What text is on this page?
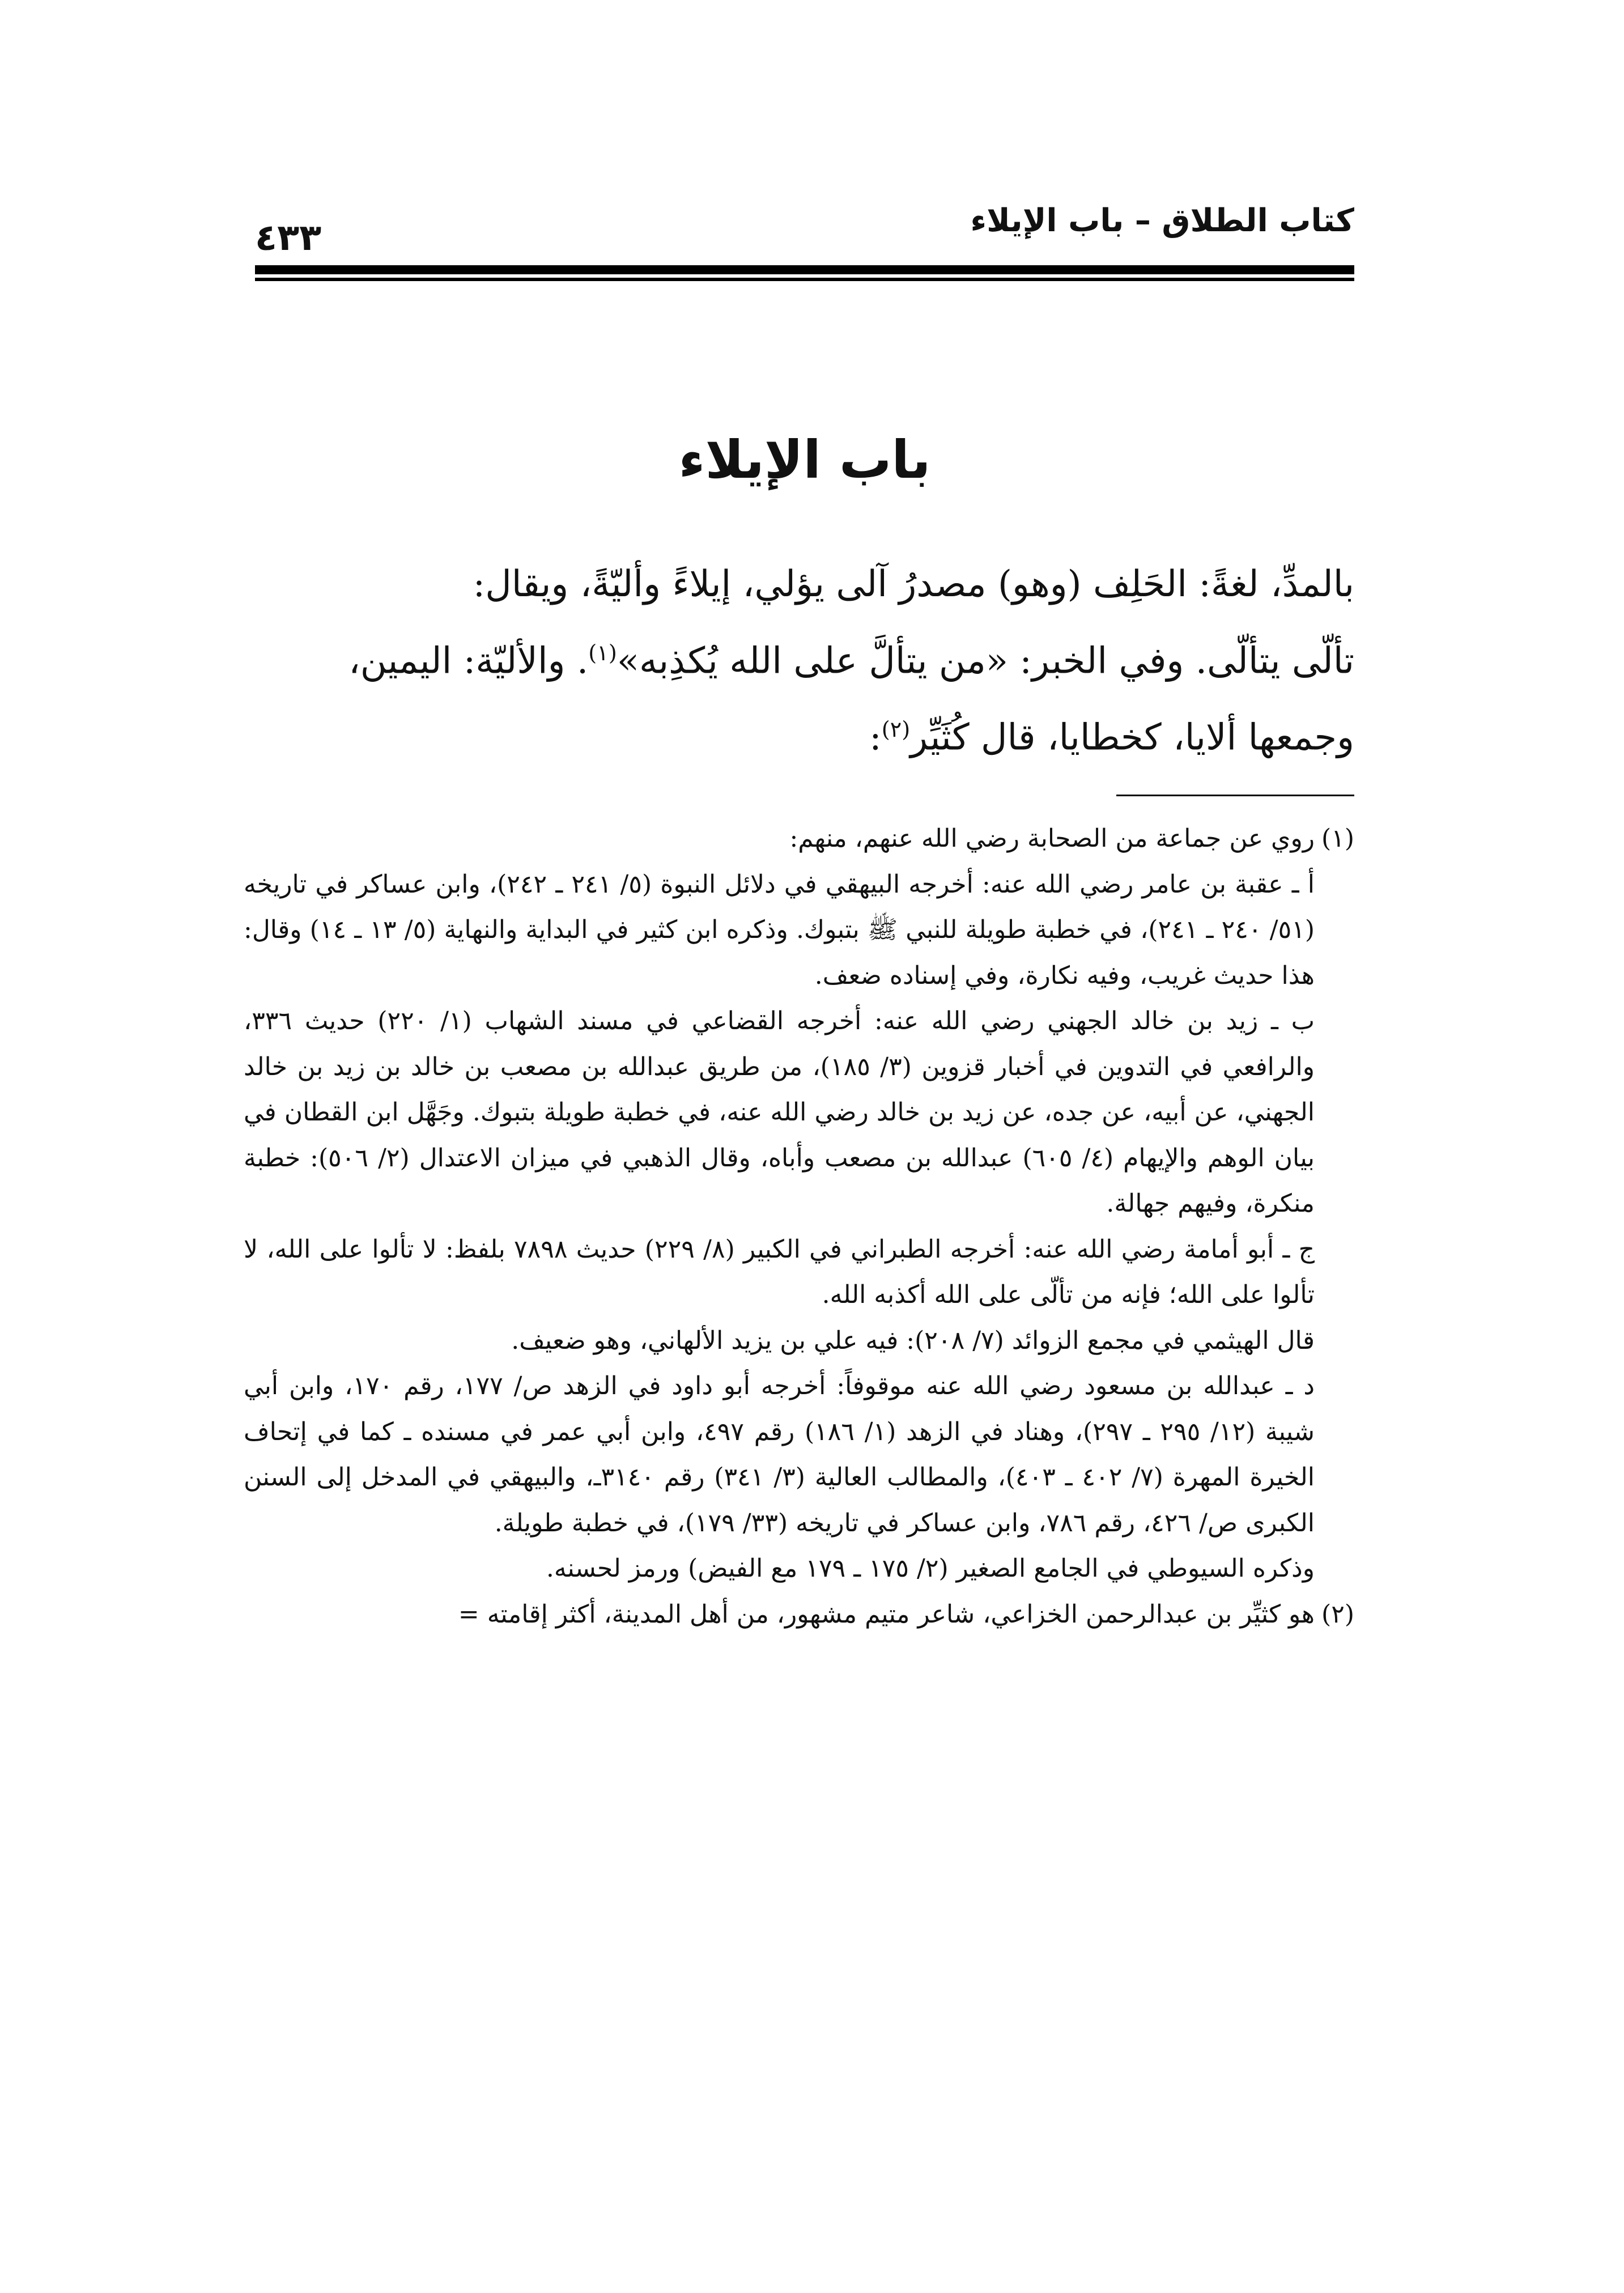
كتاب الطلاق – باب الإيلاء
٤٣٣
باب الإيلاء

بالمدِّ، لغةً: الحَلِف (وهو) مصدرُ آلى يؤلي، إيلاءً وأليّةً، ويقال:

تألّى يتألّى. وفي الخبر: «من يتألَّ على الله يُكذِبه»$^{(١)}$. والأليّة: اليمين،

وجمعها ألايا، كخطايا، قال كُثَيِّر$^{(٢)}$:

(١)روي عن جماعة من الصحابة رضي الله عنهم، منهم:

أ ـ عقبة بن عامر رضي الله عنه: أخرجه البيهقي في دلائل النبوة (٥/ ٢٤١ ـ ٢٤٢)، وابن عساكر في تاريخه (٥١/ ٢٤٠ ـ ٢٤١)، في خطبة طويلة للنبي ﷺ بتبوك. وذكره ابن كثير في البداية والنهاية (٥/ ١٣ ـ ١٤) وقال: هذا حديث غريب، وفيه نكارة، وفي إسناده ضعف.

ب ـ زيد بن خالد الجهني رضي الله عنه: أخرجه القضاعي في مسند الشهاب (١/ ٢٢٠) حديث ٣٣٦، والرافعي في التدوين في أخبار قزوين (٣/ ١٨٥)، من طريق عبدالله بن مصعب بن خالد بن زيد بن خالد الجهني، عن أبيه، عن جده، عن زيد بن خالد رضي الله عنه، في خطبة طويلة بتبوك. وجَهَّل ابن القطان في بيان الوهم والإيهام (٤/ ٦٠٥) عبدالله بن مصعب وأباه، وقال الذهبي في ميزان الاعتدال (٢/ ٥٠٦): خطبة منكرة، وفيهم جهالة.

ج ـ أبو أمامة رضي الله عنه: أخرجه الطبراني في الكبير (٨/ ٢٢٩) حديث ٧٨٩٨ بلفظ: لا تألوا على الله، لا تألوا على الله؛ فإنه من تألّى على الله أكذبه الله.

قال الهيثمي في مجمع الزوائد (٧/ ٢٠٨): فيه علي بن يزيد الألهاني، وهو ضعيف.

د ـ عبدالله بن مسعود رضي الله عنه موقوفاً: أخرجه أبو داود في الزهد ص/ ١٧٧، رقم ١٧٠، وابن أبي شيبة (١٢/ ٢٩٥ ـ ٢٩٧)، وهناد في الزهد (١/ ١٨٦) رقم ٤٩٧، وابن أبي عمر في مسنده ـ كما في إتحاف الخيرة المهرة (٧/ ٤٠٢ ـ ٤٠٣)، والمطالب العالية (٣/ ٣٤١) رقم ٣١٤٠ـ، والبيهقي في المدخل إلى السنن الكبرى ص/ ٤٢٦، رقم ٧٨٦، وابن عساكر في تاريخه (٣٣/ ١٧٩)، في خطبة طويلة.

وذكره السيوطي في الجامع الصغير (٢/ ١٧٥ ـ ١٧٩ مع الفيض) ورمز لحسنه.

(٢)هو كثيِّر بن عبدالرحمن الخزاعي، شاعر متيم مشهور، من أهل المدينة، أكثر إقامته =
